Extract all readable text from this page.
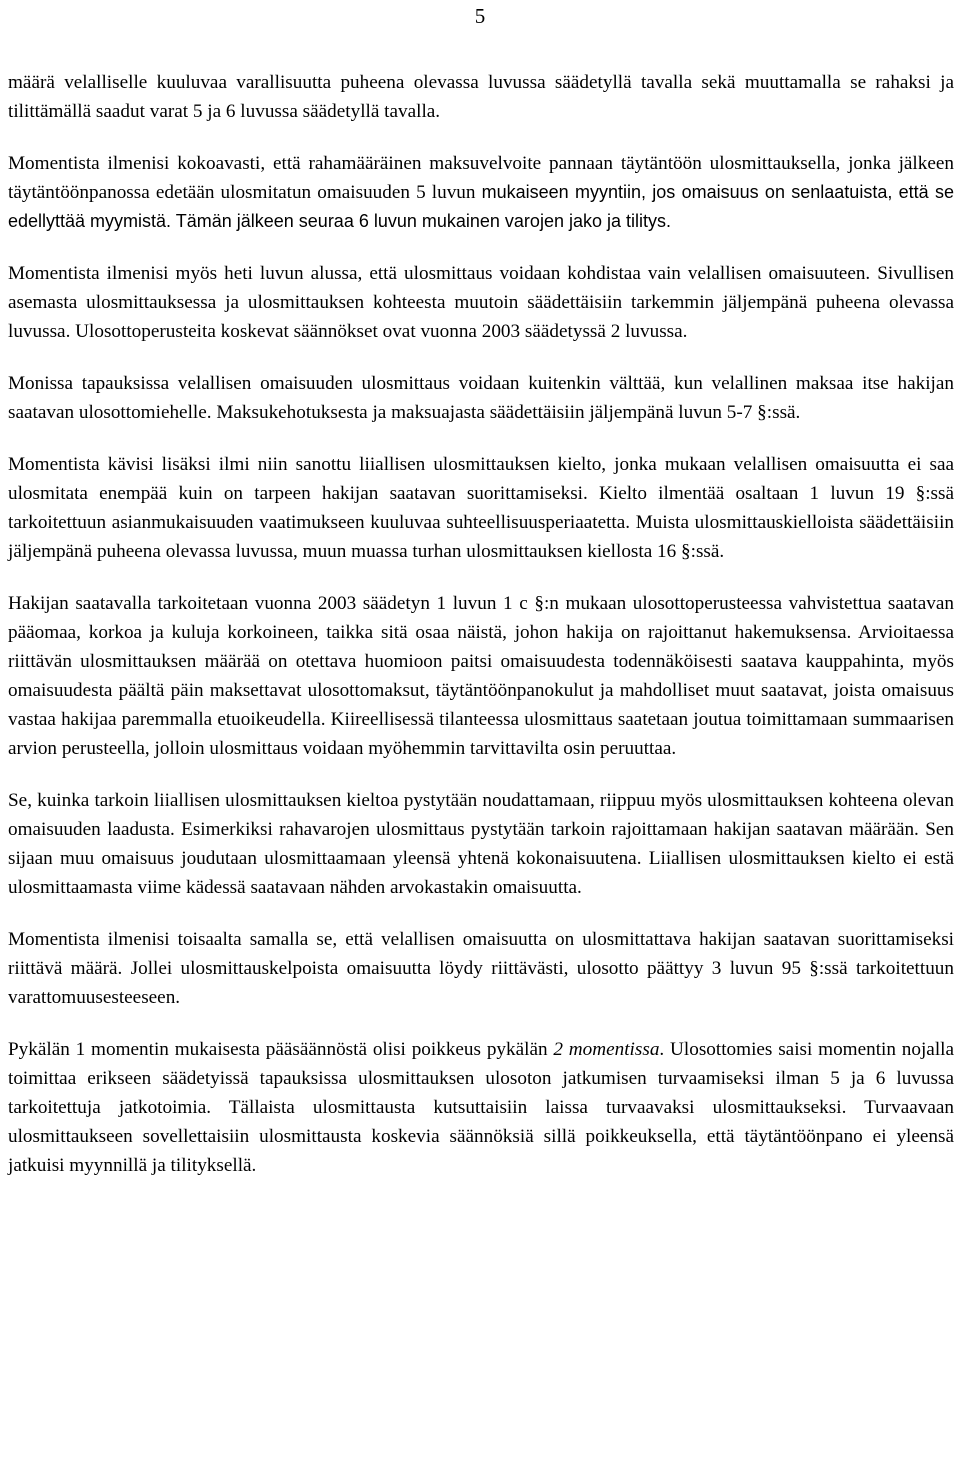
5

määrä velalliselle kuuluvaa varallisuutta puheena olevassa luvussa säädetyllä tavalla sekä muuttamalla se rahaksi ja tilittämällä saadut varat 5 ja 6 luvussa säädetyllä tavalla.

Momentista ilmenisi kokoavasti, että rahamääräinen maksuvelvoite pannaan täytäntöön ulosmittauksella, jonka jälkeen täytäntöönpanossa edetään ulosmitatun omaisuuden 5 luvun mukaiseen myyntiin, jos omaisuus on senlaatuista, että se edellyttää myymistä. Tämän jälkeen seuraa 6 luvun mukainen varojen jako ja tilitys.

Momentista ilmenisi myös heti luvun alussa, että ulosmittaus voidaan kohdistaa vain velallisen omaisuuteen. Sivullisen asemasta ulosmittauksessa ja ulosmittauksen kohteesta muutoin säädettäisiin tarkemmin jäljempänä puheena olevassa luvussa. Ulosottoperusteita koskevat säännökset ovat vuonna 2003 säädetyssä 2 luvussa.

Monissa tapauksissa velallisen omaisuuden ulosmittaus voidaan kuitenkin välttää, kun velallinen maksaa itse hakijan saatavan ulosottomiehelle. Maksukehotuksesta ja maksuajasta säädettäisiin jäljempänä luvun 5-7 §:ssä.

Momentista kävisi lisäksi ilmi niin sanottu liiallisen ulosmittauksen kielto, jonka mukaan velallisen omaisuutta ei saa ulosmitata enempää kuin on tarpeen hakijan saatavan suorittamiseksi. Kielto ilmentää osaltaan 1 luvun 19 §:ssä tarkoitettuun asianmukaisuuden vaatimukseen kuuluvaa suhteellisuusperiaatetta. Muista ulosmittauskielloista säädettäisiin jäljempänä puheena olevassa luvussa, muun muassa turhan ulosmittauksen kiellosta 16 §:ssä.

Hakijan saatavalla tarkoitetaan vuonna 2003 säädetyn 1 luvun 1 c §:n mukaan ulosottoperusteessa vahvistettua saatavan pääomaa, korkoa ja kuluja korkoineen, taikka sitä osaa näistä, johon hakija on rajoittanut hakemuksensa. Arvioitaessa riittävän ulosmittauksen määrää on otettava huomioon paitsi omaisuudesta todennäköisesti saatava kauppahinta, myös omaisuudesta päältä päin maksettavat ulosottomaksut, täytäntöönpanokulut ja mahdolliset muut saatavat, joista omaisuus vastaa hakijaa paremmalla etuoikeudella. Kiireellisessä tilanteessa ulosmittaus saatetaan joutua toimittamaan summaarisen arvion perusteella, jolloin ulosmittaus voidaan myöhemmin tarvittavilta osin peruuttaa.

Se, kuinka tarkoin liiallisen ulosmittauksen kieltoa pystytään noudattamaan, riippuu myös ulosmittauksen kohteena olevan omaisuuden laadusta. Esimerkiksi rahavarojen ulosmittaus pystytään tarkoin rajoittamaan hakijan saatavan määrään. Sen sijaan muu omaisuus joudutaan ulosmittaamaan yleensä yhtenä kokonaisuutena. Liiallisen ulosmittauksen kielto ei estä ulosmittaamasta viime kädessä saatavaan nähden arvokastakin omaisuutta.

Momentista ilmenisi toisaalta samalla se, että velallisen omaisuutta on ulosmittattava hakijan saatavan suorittamiseksi riittävä määrä. Jollei ulosmittauskelpoista omaisuutta löydy riittävästi, ulosotto päättyy 3 luvun 95 §:ssä tarkoitettuun varattomuusesteeseen.

Pykälän 1 momentin mukaisesta pääsäännöstä olisi poikkeus pykälän 2 momentissa. Ulosottomies saisi momentin nojalla toimittaa erikseen säädetyissä tapauksissa ulosmittauksen ulosoton jatkumisen turvaamiseksi ilman 5 ja 6 luvussa tarkoitettuja jatkotoimia. Tällaista ulosmittausta kutsuttaisiin laissa turvaavaksi ulosmittaukseksi. Turvaavaan ulosmittaukseen sovellettaisiin ulosmittausta koskevia säännöksiä sillä poikkeuksella, että täytäntöönpano ei yleensä jatkuisi myynnillä ja tilityksellä.
